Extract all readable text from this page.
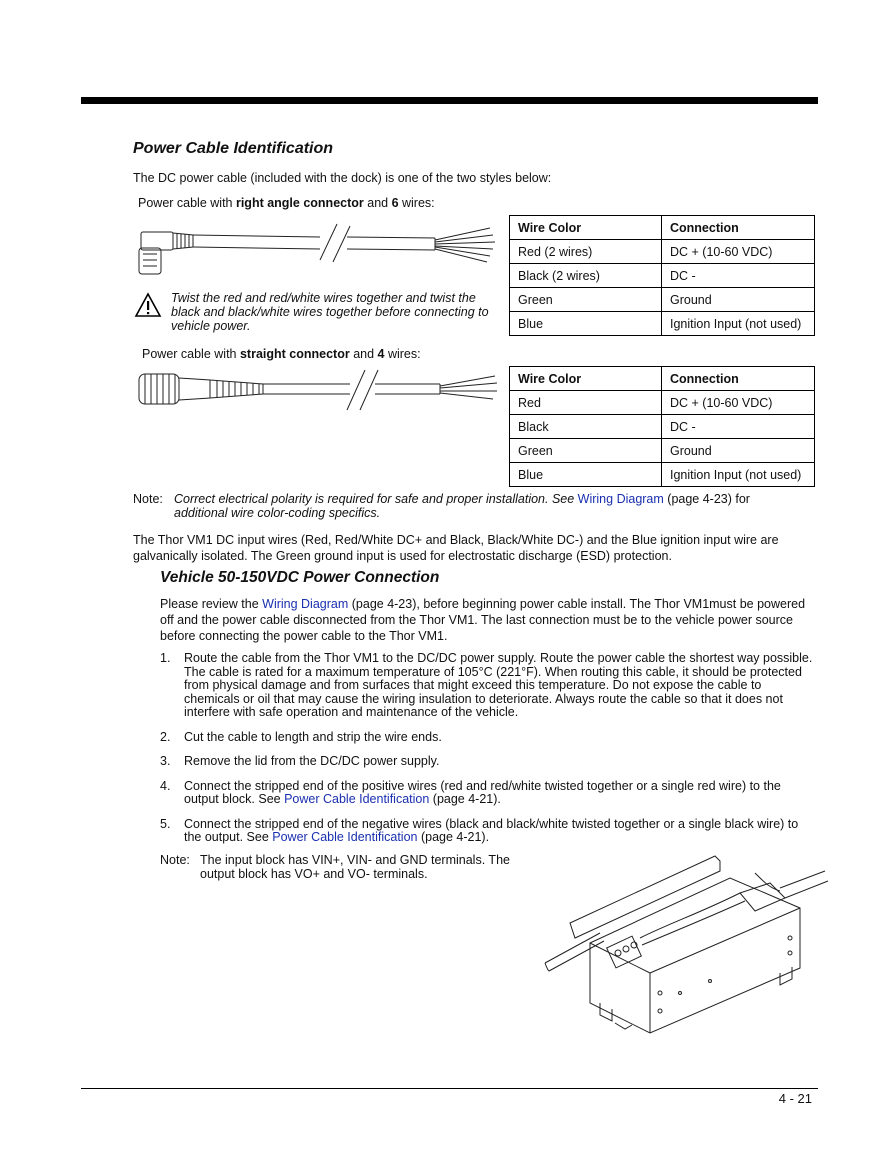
Power Cable Identification
The DC power cable (included with the dock) is one of the two styles below:
Power cable with right angle connector and 6 wires:
Twist the red and red/white wires together and twist the black and black/white wires together before connecting to vehicle power.
Wire Color	Connection
Red (2 wires)	DC + (10-60 VDC)
Black (2 wires)	DC -
Green	Ground
Blue	Ignition Input (not used)
Power cable with straight connector and 4 wires:
Wire Color	Connection
Red	DC + (10-60 VDC)
Black	DC -
Green	Ground
Blue	Ignition Input (not used)
Note: Correct electrical polarity is required for safe and proper installation. See Wiring Diagram (page 4-23) for
additional wire color-coding specifics.
The Thor VM1 DC input wires (Red, Red/White DC+ and Black, Black/White DC-) and the Blue ignition input wire are galvanically isolated. The Green ground input is used for electrostatic discharge (ESD) protection.
Vehicle 50-150VDC Power Connection
Please review the Wiring Diagram (page 4-23), before beginning power cable install. The Thor VM1must be powered off and the power cable disconnected from the Thor VM1. The last connection must be to the vehicle power source before connecting the power cable to the Thor VM1.
1. Route the cable from the Thor VM1 to the DC/DC power supply. Route the power cable the shortest way possible. The cable is rated for a maximum temperature of 105°C (221°F). When routing this cable, it should be protected from physical damage and from surfaces that might exceed this temperature. Do not expose the cable to chemicals or oil that may cause the wiring insulation to deteriorate. Always route the cable so that it does not interfere with safe operation and maintenance of the vehicle.
2. Cut the cable to length and strip the wire ends.
3. Remove the lid from the DC/DC power supply.
4. Connect the stripped end of the positive wires (red and red/white twisted together or a single red wire) to the output block. See Power Cable Identification (page 4-21).
5. Connect the stripped end of the negative wires (black and black/white twisted together or a single black wire) to the output. See Power Cable Identification (page 4-21).
Note: The input block has VIN+, VIN- and GND terminals. The
output block has VO+ and VO- terminals.
4 - 21
